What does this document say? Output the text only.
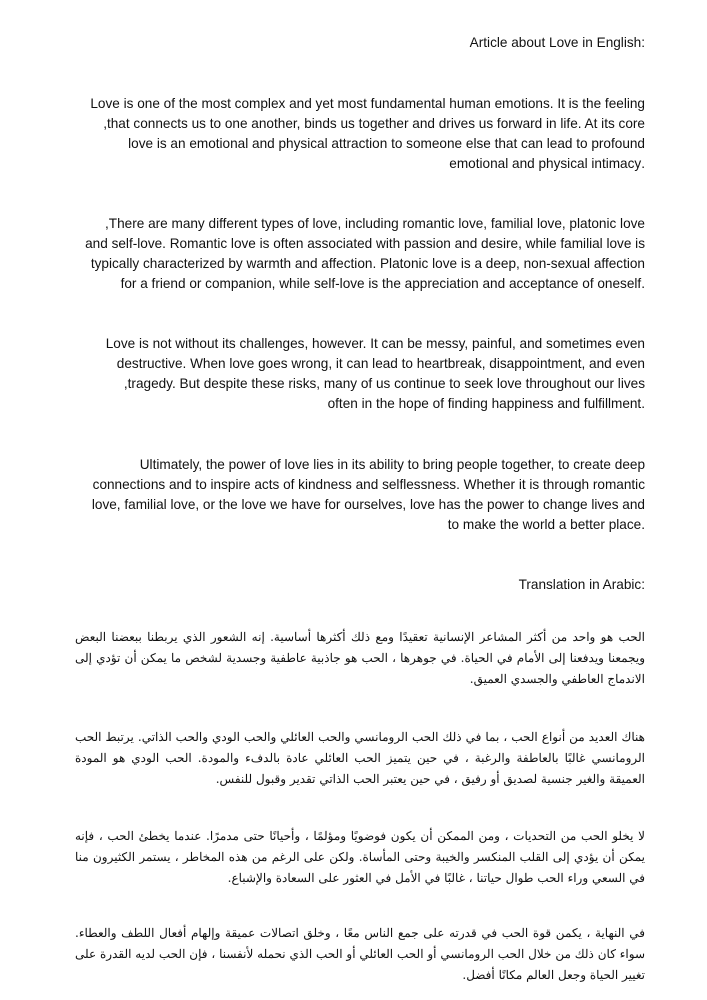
:Article about Love in English
Love is one of the most complex and yet most fundamental human emotions. It is the feeling
that connects us to one another, binds us together and drives us forward in life. At its core,
love is an emotional and physical attraction to someone else that can lead to profound
.emotional and physical intimacy
There are many different types of love, including romantic love, familial love, platonic love,
and self-love. Romantic love is often associated with passion and desire, while familial love is
typically characterized by warmth and affection. Platonic love is a deep, non-sexual affection
.for a friend or companion, while self-love is the appreciation and acceptance of oneself
Love is not without its challenges, however. It can be messy, painful, and sometimes even
destructive. When love goes wrong, it can lead to heartbreak, disappointment, and even
tragedy. But despite these risks, many of us continue to seek love throughout our lives,
.often in the hope of finding happiness and fulfillment
Ultimately, the power of love lies in its ability to bring people together, to create deep
connections and to inspire acts of kindness and selflessness. Whether it is through romantic
love, familial love, or the love we have for ourselves, love has the power to change lives and
.to make the world a better place
:Translation in Arabic

الحب هو واحد من أكثر المشاعر الإنسانية تعقيدًا ومع ذلك أكثرها أساسية. إنه الشعور الذي يربطنا ببعضنا البعض ويجمعنا ويدفعنا إلى الأمام في الحياة. في جوهرها ، الحب هو جاذبية عاطفية وجسدية لشخص ما يمكن أن تؤدي إلى الاندماج العاطفي والجسدي العميق.

هناك العديد من أنواع الحب ، بما في ذلك الحب الرومانسي والحب العائلي والحب الودي والحب الذاتي. يرتبط الحب الرومانسي غالبًا بالعاطفة والرغبة ، في حين يتميز الحب العائلي عادة بالدفء والمودة. الحب الودي هو المودة العميقة والغير جنسية لصديق أو رفيق ، في حين يعتبر الحب الذاتي تقدير وقبول للنفس.

لا يخلو الحب من التحديات ، ومن الممكن أن يكون فوضويًا ومؤلمًا ، وأحيانًا حتى مدمرًا. عندما يخطئ الحب ، فإنه يمكن أن يؤدي إلى القلب المنكسر والخيبة وحتى المأساة. ولكن على الرغم من هذه المخاطر ، يستمر الكثيرون منا في السعي وراء الحب طوال حياتنا ، غالبًا في الأمل في العثور على السعادة والإشباع.

في النهاية ، يكمن قوة الحب في قدرته على جمع الناس معًا ، وخلق اتصالات عميقة وإلهام أفعال اللطف والعطاء. سواء كان ذلك من خلال الحب الرومانسي أو الحب العائلي أو الحب الذي نحمله لأنفسنا ، فإن الحب لديه القدرة على تغيير الحياة وجعل العالم مكانًا أفضل.
